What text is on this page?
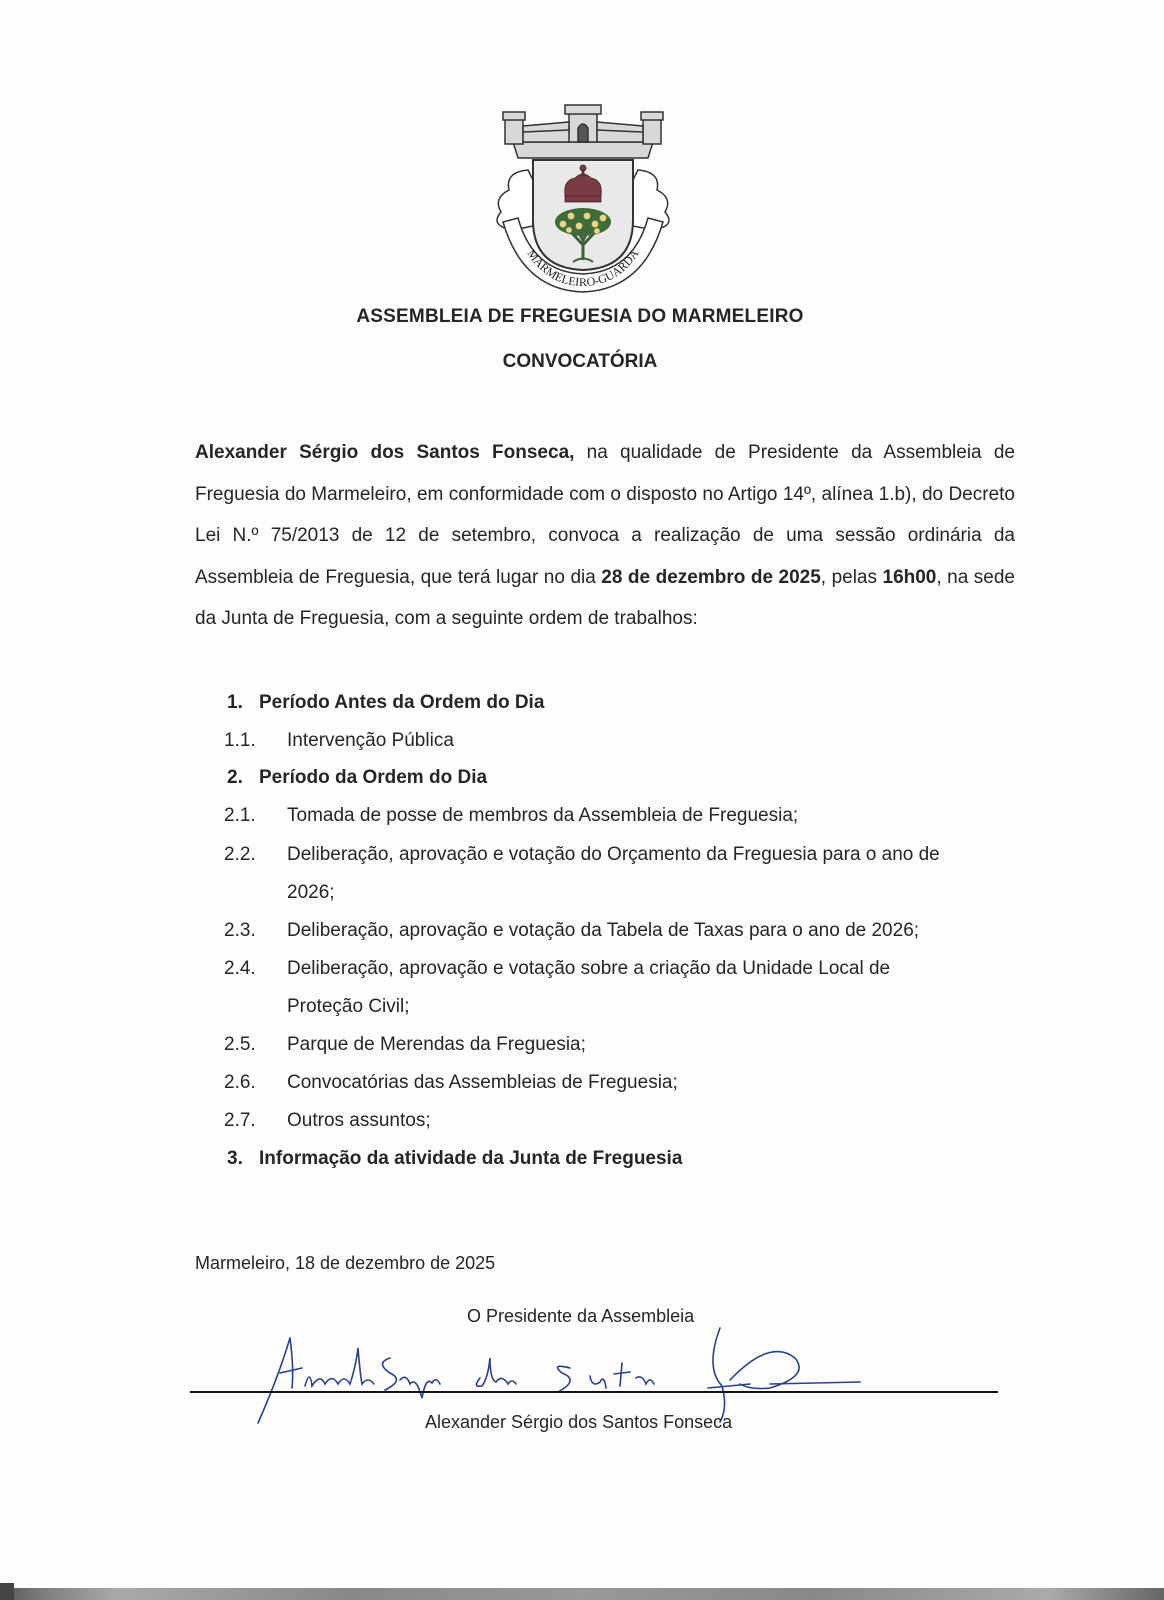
MARMELEIRO-GUARDA
ASSEMBLEIA DE FREGUESIA DO MARMELEIRO
CONVOCATÓRIA

Alexander Sérgio dos Santos Fonseca, na qualidade de Presidente da Assembleia de Freguesia do Marmeleiro, em conformidade com o disposto no Artigo 14º, alínea 1.b), do Decreto Lei N.º 75/2013 de 12 de setembro, convoca a realização de uma sessão ordinária da Assembleia de Freguesia, que terá lugar no dia 28 de dezembro de 2025, pelas 16h00, na sede da Junta de Freguesia, com a seguinte ordem de trabalhos:

1. Período Antes da Ordem do Dia
1.1. Intervenção Pública
2. Período da Ordem do Dia
2.1. Tomada de posse de membros da Assembleia de Freguesia;
2.2. Deliberação, aprovação e votação do Orçamento da Freguesia para o ano de
2026;
2.3. Deliberação, aprovação e votação da Tabela de Taxas para o ano de 2026;
2.4. Deliberação, aprovação e votação sobre a criação da Unidade Local de
Proteção Civil;
2.5. Parque de Merendas da Freguesia;
2.6. Convocatórias das Assembleias de Freguesia;
2.7. Outros assuntos;
3. Informação da atividade da Junta de Freguesia
Marmeleiro, 18 de dezembro de 2025
O Presidente da Assembleia
Alexander Sérgio dos Santos Fonseca
Alexander Sérgio dos Santos Fonseca
